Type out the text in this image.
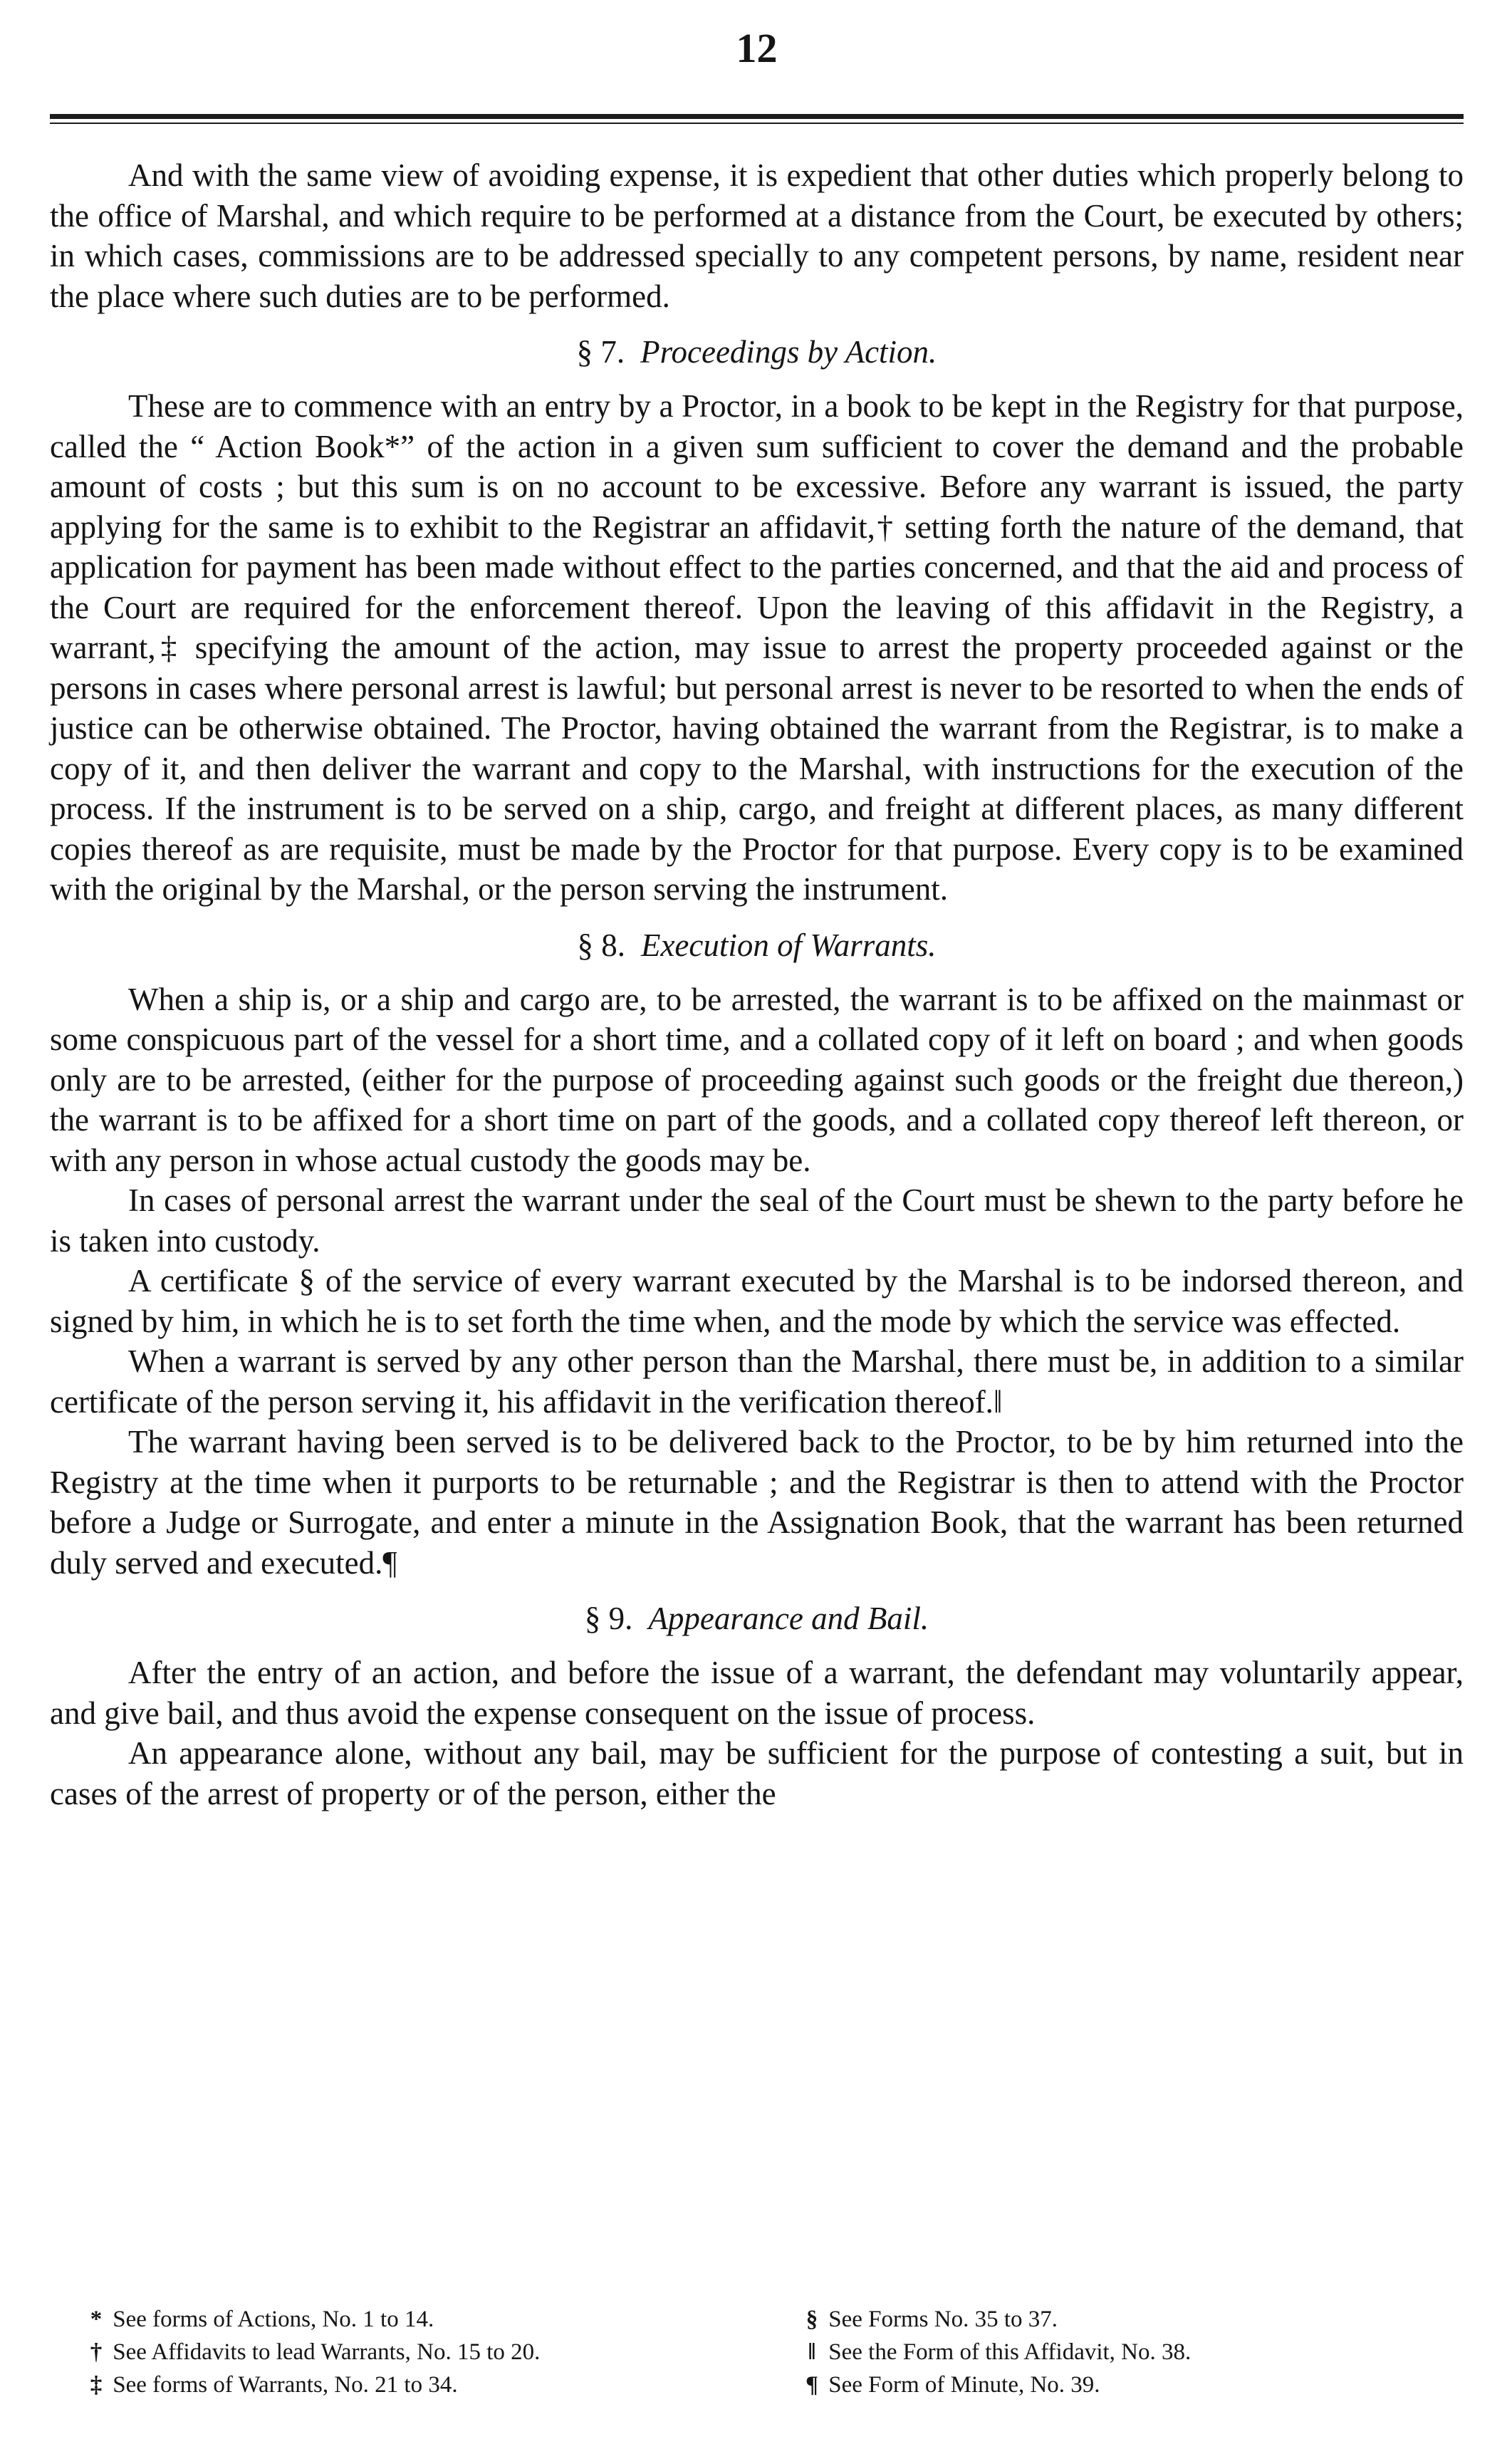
12

And with the same view of avoiding expense, it is expedient that other duties which properly belong to the office of Marshal, and which require to be performed at a distance from the Court, be executed by others; in which cases, commissions are to be addressed specially to any competent persons, by name, resident near the place where such duties are to be performed.

§ 7. Proceedings by Action.

These are to commence with an entry by a Proctor, in a book to be kept in the Registry for that purpose, called the “ Action Book*” of the action in a given sum sufficient to cover the demand and the probable amount of costs ; but this sum is on no account to be excessive. Before any warrant is issued, the party applying for the same is to exhibit to the Registrar an affidavit,† setting forth the nature of the demand, that application for payment has been made without effect to the parties concerned, and that the aid and process of the Court are required for the enforcement thereof. Upon the leaving of this affidavit in the Registry, a warrant,‡ specifying the amount of the action, may issue to arrest the property proceeded against or the persons in cases where personal arrest is lawful; but personal arrest is never to be resorted to when the ends of justice can be otherwise obtained. The Proctor, having obtained the warrant from the Registrar, is to make a copy of it, and then deliver the warrant and copy to the Marshal, with instructions for the execution of the process. If the instrument is to be served on a ship, cargo, and freight at different places, as many different copies thereof as are requisite, must be made by the Proctor for that purpose. Every copy is to be examined with the original by the Marshal, or the person serving the instrument.

§ 8. Execution of Warrants.

When a ship is, or a ship and cargo are, to be arrested, the warrant is to be affixed on the mainmast or some conspicuous part of the vessel for a short time, and a collated copy of it left on board ; and when goods only are to be arrested, (either for the purpose of proceeding against such goods or the freight due thereon,) the warrant is to be affixed for a short time on part of the goods, and a collated copy thereof left thereon, or with any person in whose actual custody the goods may be.

In cases of personal arrest the warrant under the seal of the Court must be shewn to the party before he is taken into custody.

A certificate § of the service of every warrant executed by the Marshal is to be indorsed thereon, and signed by him, in which he is to set forth the time when, and the mode by which the service was effected.

When a warrant is served by any other person than the Marshal, there must be, in addition to a similar certificate of the person serving it, his affidavit in the verification thereof.‖

The warrant having been served is to be delivered back to the Proctor, to be by him returned into the Registry at the time when it purports to be returnable ; and the Registrar is then to attend with the Proctor before a Judge or Surrogate, and enter a minute in the Assignation Book, that the warrant has been returned duly served and executed.¶

§ 9. Appearance and Bail.

After the entry of an action, and before the issue of a warrant, the defendant may voluntarily appear, and give bail, and thus avoid the expense consequent on the issue of process.

An appearance alone, without any bail, may be sufficient for the purpose of contesting a suit, but in cases of the arrest of property or of the person, either the

* See forms of Actions, No. 1 to 14.	§ See Forms No. 35 to 37.
† See Affidavits to lead Warrants, No. 15 to 20.	‖ See the Form of this Affidavit, No. 38.
‡ See forms of Warrants, No. 21 to 34.	¶ See Form of Minute, No. 39.
